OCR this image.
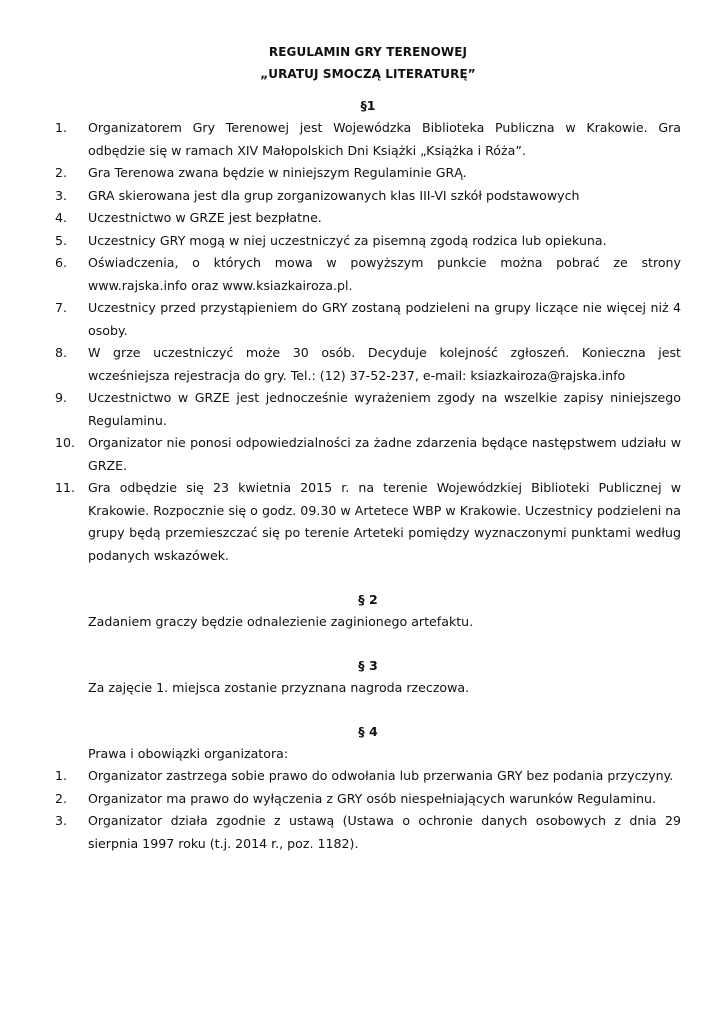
REGULAMIN GRY TERENOWEJ
„URATUJ SMOCZĄ LITERATURĘ”
§1
1. Organizatorem Gry Terenowej jest Wojewódzka Biblioteka Publiczna w Krakowie. Gra odbędzie się w ramach XIV Małopolskich Dni Książki „Książka i Róża”.
2. Gra Terenowa zwana będzie w niniejszym Regulaminie GRĄ.
3. GRA skierowana jest dla grup zorganizowanych klas III-VI szkół podstawowych
4. Uczestnictwo w GRZE jest bezpłatne.
5. Uczestnicy GRY mogą w niej uczestniczyć za pisemną zgodą rodzica lub opiekuna.
6. Oświadczenia, o których mowa w powyższym punkcie można pobrać ze strony www.rajska.info oraz www.ksiazkairoza.pl.
7. Uczestnicy przed przystąpieniem do GRY zostaną podzieleni na grupy liczące nie więcej niż 4 osoby.
8. W grze uczestniczyć może 30 osób. Decyduje kolejność zgłoszeń. Konieczna jest wcześniejsza rejestracja do gry. Tel.: (12) 37-52-237, e-mail: ksiazkairoza@rajska.info
9. Uczestnictwo w GRZE jest jednocześnie wyrażeniem zgody na wszelkie zapisy niniejszego Regulaminu.
10. Organizator nie ponosi odpowiedzialności za żadne zdarzenia będące następstwem udziału w GRZE.
11. Gra odbędzie się 23 kwietnia 2015 r. na terenie Wojewódzkiej Biblioteki Publicznej w Krakowie. Rozpocznie się o godz. 09.30 w Artetece WBP w Krakowie. Uczestnicy podzieleni na grupy będą przemieszczać się po terenie Arteteki pomiędzy wyznaczonymi punktami według podanych wskazówek.
§ 2

Zadaniem graczy będzie odnalezienie zaginionego artefaktu.

§ 3

Za zajęcie 1. miejsca zostanie przyznana nagroda rzeczowa.

§ 4

Prawa i obowiązki organizatora:

1. Organizator zastrzega sobie prawo do odwołania lub przerwania GRY bez podania przyczyny.
2. Organizator ma prawo do wyłączenia z GRY osób niespełniających warunków Regulaminu.
3. Organizator działa zgodnie z ustawą (Ustawa o ochronie danych osobowych z dnia 29 sierpnia 1997 roku (t.j. 2014 r., poz. 1182).
